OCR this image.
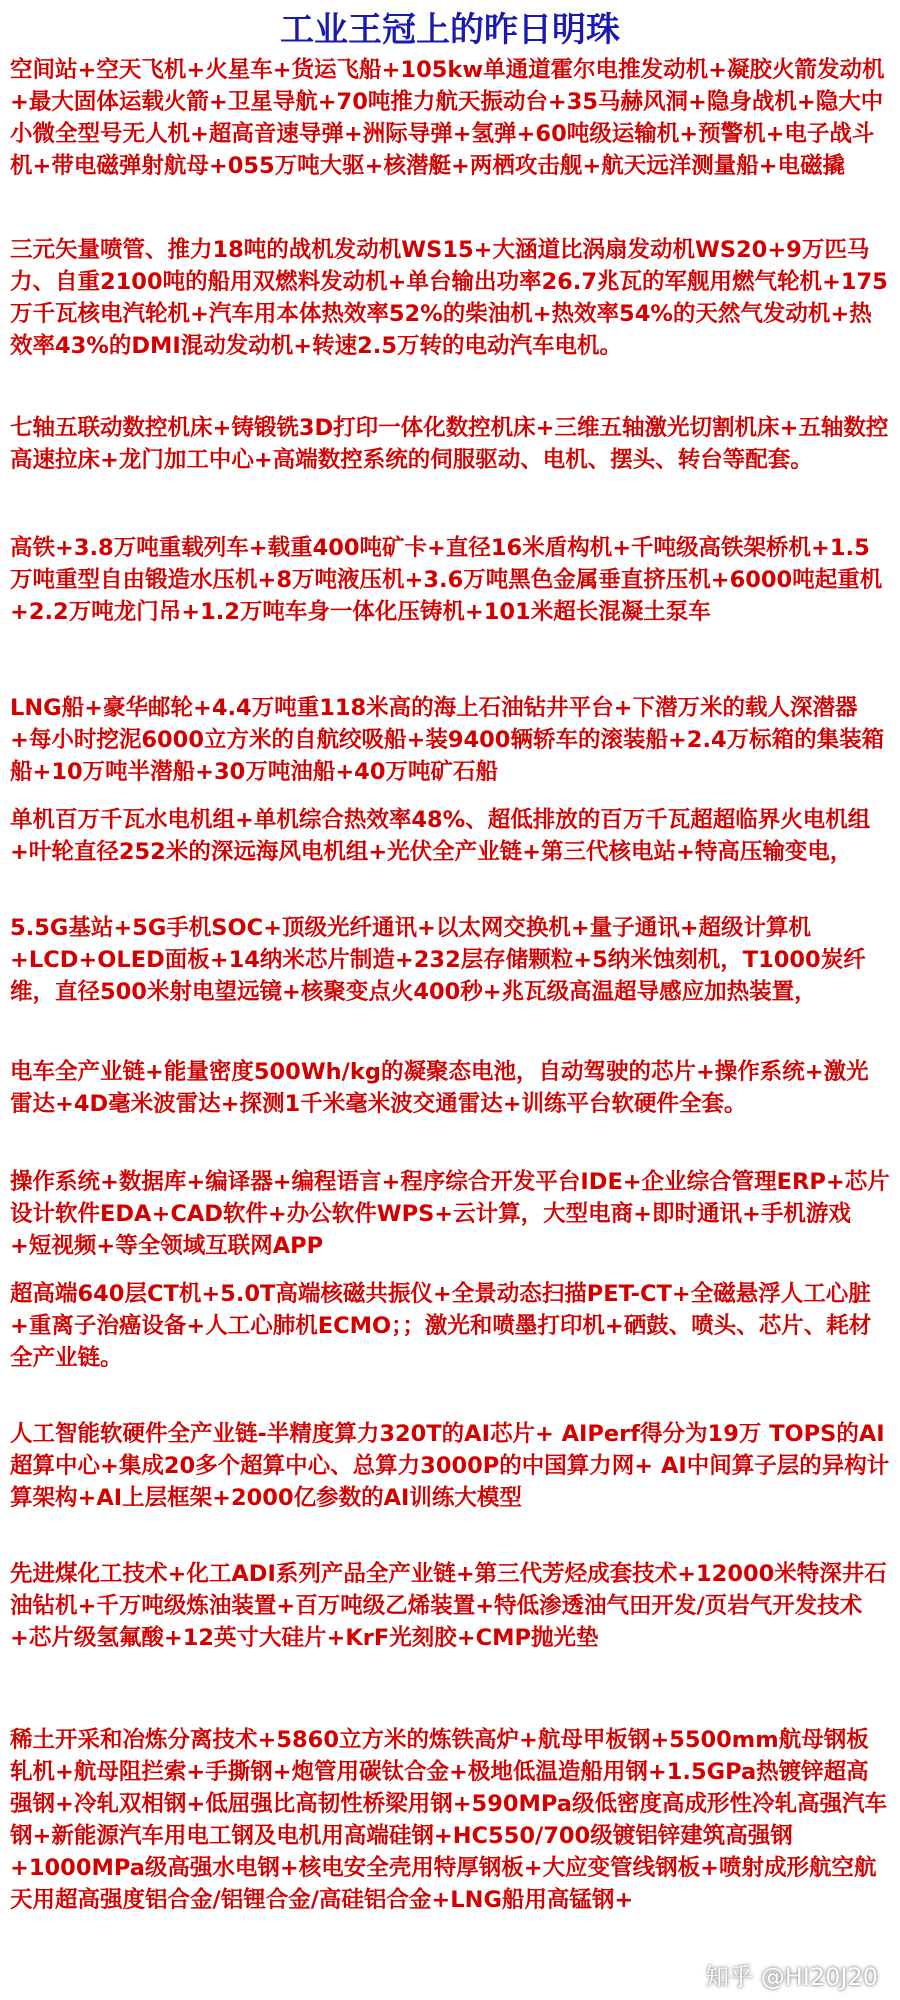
工业王冠上的昨日明珠

空间站+空天飞机+火星车+货运飞船+105kw单通道霍尔电推发动机+凝胶火箭发动机+最大固体运载火箭+卫星导航+70吨推力航天振动台+35马赫风洞+隐身战机+隐大中小微全型号无人机+超高音速导弹+洲际导弹+氢弹+60吨级运输机+预警机+电子战斗机+带电磁弹射航母+055万吨大驱+核潜艇+两栖攻击舰+航天远洋测量船+电磁撬

三元矢量喷管、推力18吨的战机发动机WS15+大涵道比涡扇发动机WS20+9万匹马力、自重2100吨的船用双燃料发动机+单台输出功率26.7兆瓦的军舰用燃气轮机+175万千瓦核电汽轮机+汽车用本体热效率52%的柴油机+热效率54%的天然气发动机+热效率43%的DMI混动发动机+转速2.5万转的电动汽车电机。

七轴五联动数控机床+铸锻铣3D打印一体化数控机床+三维五轴激光切割机床+五轴数控高速拉床+龙门加工中心+高端数控系统的伺服驱动、电机、摆头、转台等配套。

高铁+3.8万吨重载列车+载重400吨矿卡+直径16米盾构机+千吨级高铁架桥机+1.5万吨重型自由锻造水压机+8万吨液压机+3.6万吨黑色金属垂直挤压机+6000吨起重机+2.2万吨龙门吊+1.2万吨车身一体化压铸机+101米超长混凝土泵车

LNG船+豪华邮轮+4.4万吨重118米高的海上石油钻井平台+下潜万米的载人深潜器+每小时挖泥6000立方米的自航绞吸船+装9400辆轿车的滚装船+2.4万标箱的集装箱船+10万吨半潜船+30万吨油船+40万吨矿石船

单机百万千瓦水电机组+单机综合热效率48%、超低排放的百万千瓦超超临界火电机组+叶轮直径252米的深远海风电机组+光伏全产业链+第三代核电站+特高压输变电，

5.5G基站+5G手机SOC+顶级光纤通讯+以太网交换机+量子通讯+超级计算机+LCD+OLED面板+14纳米芯片制造+232层存储颗粒+5纳米蚀刻机，T1000炭纤维，直径500米射电望远镜+核聚变点火400秒+兆瓦级高温超导感应加热装置，

电车全产业链+能量密度500Wh/kg的凝聚态电池，自动驾驶的芯片+操作系统+激光雷达+4D毫米波雷达+探测1千米毫米波交通雷达+训练平台软硬件全套。

操作系统+数据库+编译器+编程语言+程序综合开发平台IDE+企业综合管理ERP+芯片设计软件EDA+CAD软件+办公软件WPS+云计算，大型电商+即时通讯+手机游戏+短视频+等全领域互联网APP

超高端640层CT机+5.0T高端核磁共振仪+全景动态扫描PET-CT+全磁悬浮人工心脏+重离子治癌设备+人工心肺机ECMO；；激光和喷墨打印机+硒鼓、喷头、芯片、耗材全产业链。

人工智能软硬件全产业链-半精度算力320T的AI芯片+ AIPerf得分为19万 TOPS的AI超算中心+集成20多个超算中心、总算力3000P的中国算力网+ AI中间算子层的异构计算架构+AI上层框架+2000亿参数的AI训练大模型

先进煤化工技术+化工ADI系列产品全产业链+第三代芳烃成套技术+12000米特深井石油钻机+千万吨级炼油装置+百万吨级乙烯装置+特低渗透油气田开发/页岩气开发技术+芯片级氢氟酸+12英寸大硅片+KrF光刻胶+CMP抛光垫

稀土开采和冶炼分离技术+5860立方米的炼铁高炉+航母甲板钢+5500mm航母钢板轧机+航母阻拦索+手撕钢+炮管用碳钛合金+极地低温造船用钢+1.5GPa热镀锌超高强钢+冷轧双相钢+低屈强比高韧性桥梁用钢+590MPa级低密度高成形性冷轧高强汽车钢+新能源汽车用电工钢及电机用高端硅钢+HC550/700级镀铝锌建筑高强钢+1000MPa级高强水电钢+核电安全壳用特厚钢板+大应变管线钢板+喷射成形航空航天用超高强度铝合金/铝锂合金/高硅铝合金+LNG船用高锰钢+

知乎 @HI20J20
